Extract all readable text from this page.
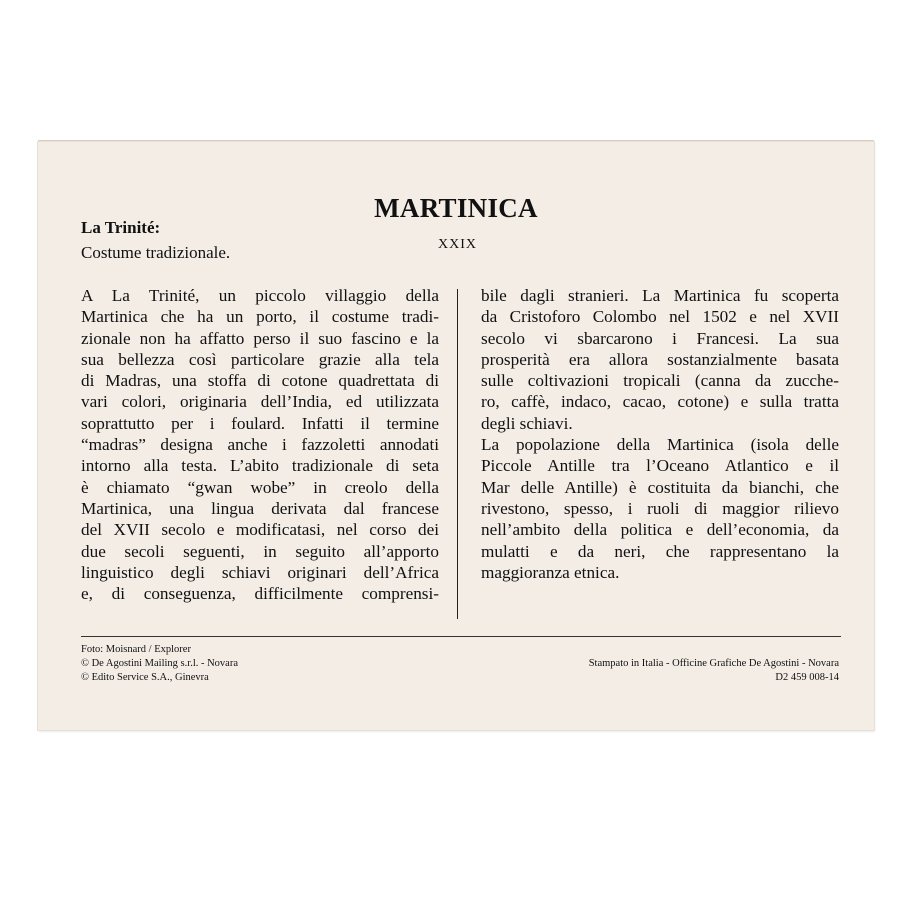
MARTINICA
XXIX
La Trinité:
Costume tradizionale.
A La Trinité, un piccolo villaggio della
Martinica che ha un porto, il costume tradi-
zionale non ha affatto perso il suo fascino e la
sua bellezza così particolare grazie alla tela
di Madras, una stoffa di cotone quadrettata di
vari colori, originaria dell’India, ed utilizzata
soprattutto per i foulard. Infatti il termine
“madras” designa anche i fazzoletti annodati
intorno alla testa. L’abito tradizionale di seta
è chiamato “gwan wobe” in creolo della
Martinica, una lingua derivata dal francese
del XVII secolo e modificatasi, nel corso dei
due secoli seguenti, in seguito all’apporto
linguistico degli schiavi originari dell’Africa
e, di conseguenza, difficilmente comprensi-
bile dagli stranieri. La Martinica fu scoperta
da Cristoforo Colombo nel 1502 e nel XVII
secolo vi sbarcarono i Francesi. La sua
prosperità era allora sostanzialmente basata
sulle coltivazioni tropicali (canna da zucche-
ro, caffè, indaco, cacao, cotone) e sulla tratta
degli schiavi.
La popolazione della Martinica (isola delle
Piccole Antille tra l’Oceano Atlantico e il
Mar delle Antille) è costituita da bianchi, che
rivestono, spesso, i ruoli di maggior rilievo
nell’ambito della politica e dell’economia, da
mulatti e da neri, che rappresentano la
maggioranza etnica.
Foto: Moisnard / Explorer
© De Agostini Mailing s.r.l. - Novara
© Edito Service S.A., Ginevra
Stampato in Italia - Officine Grafiche De Agostini - Novara
D2 459 008-14
